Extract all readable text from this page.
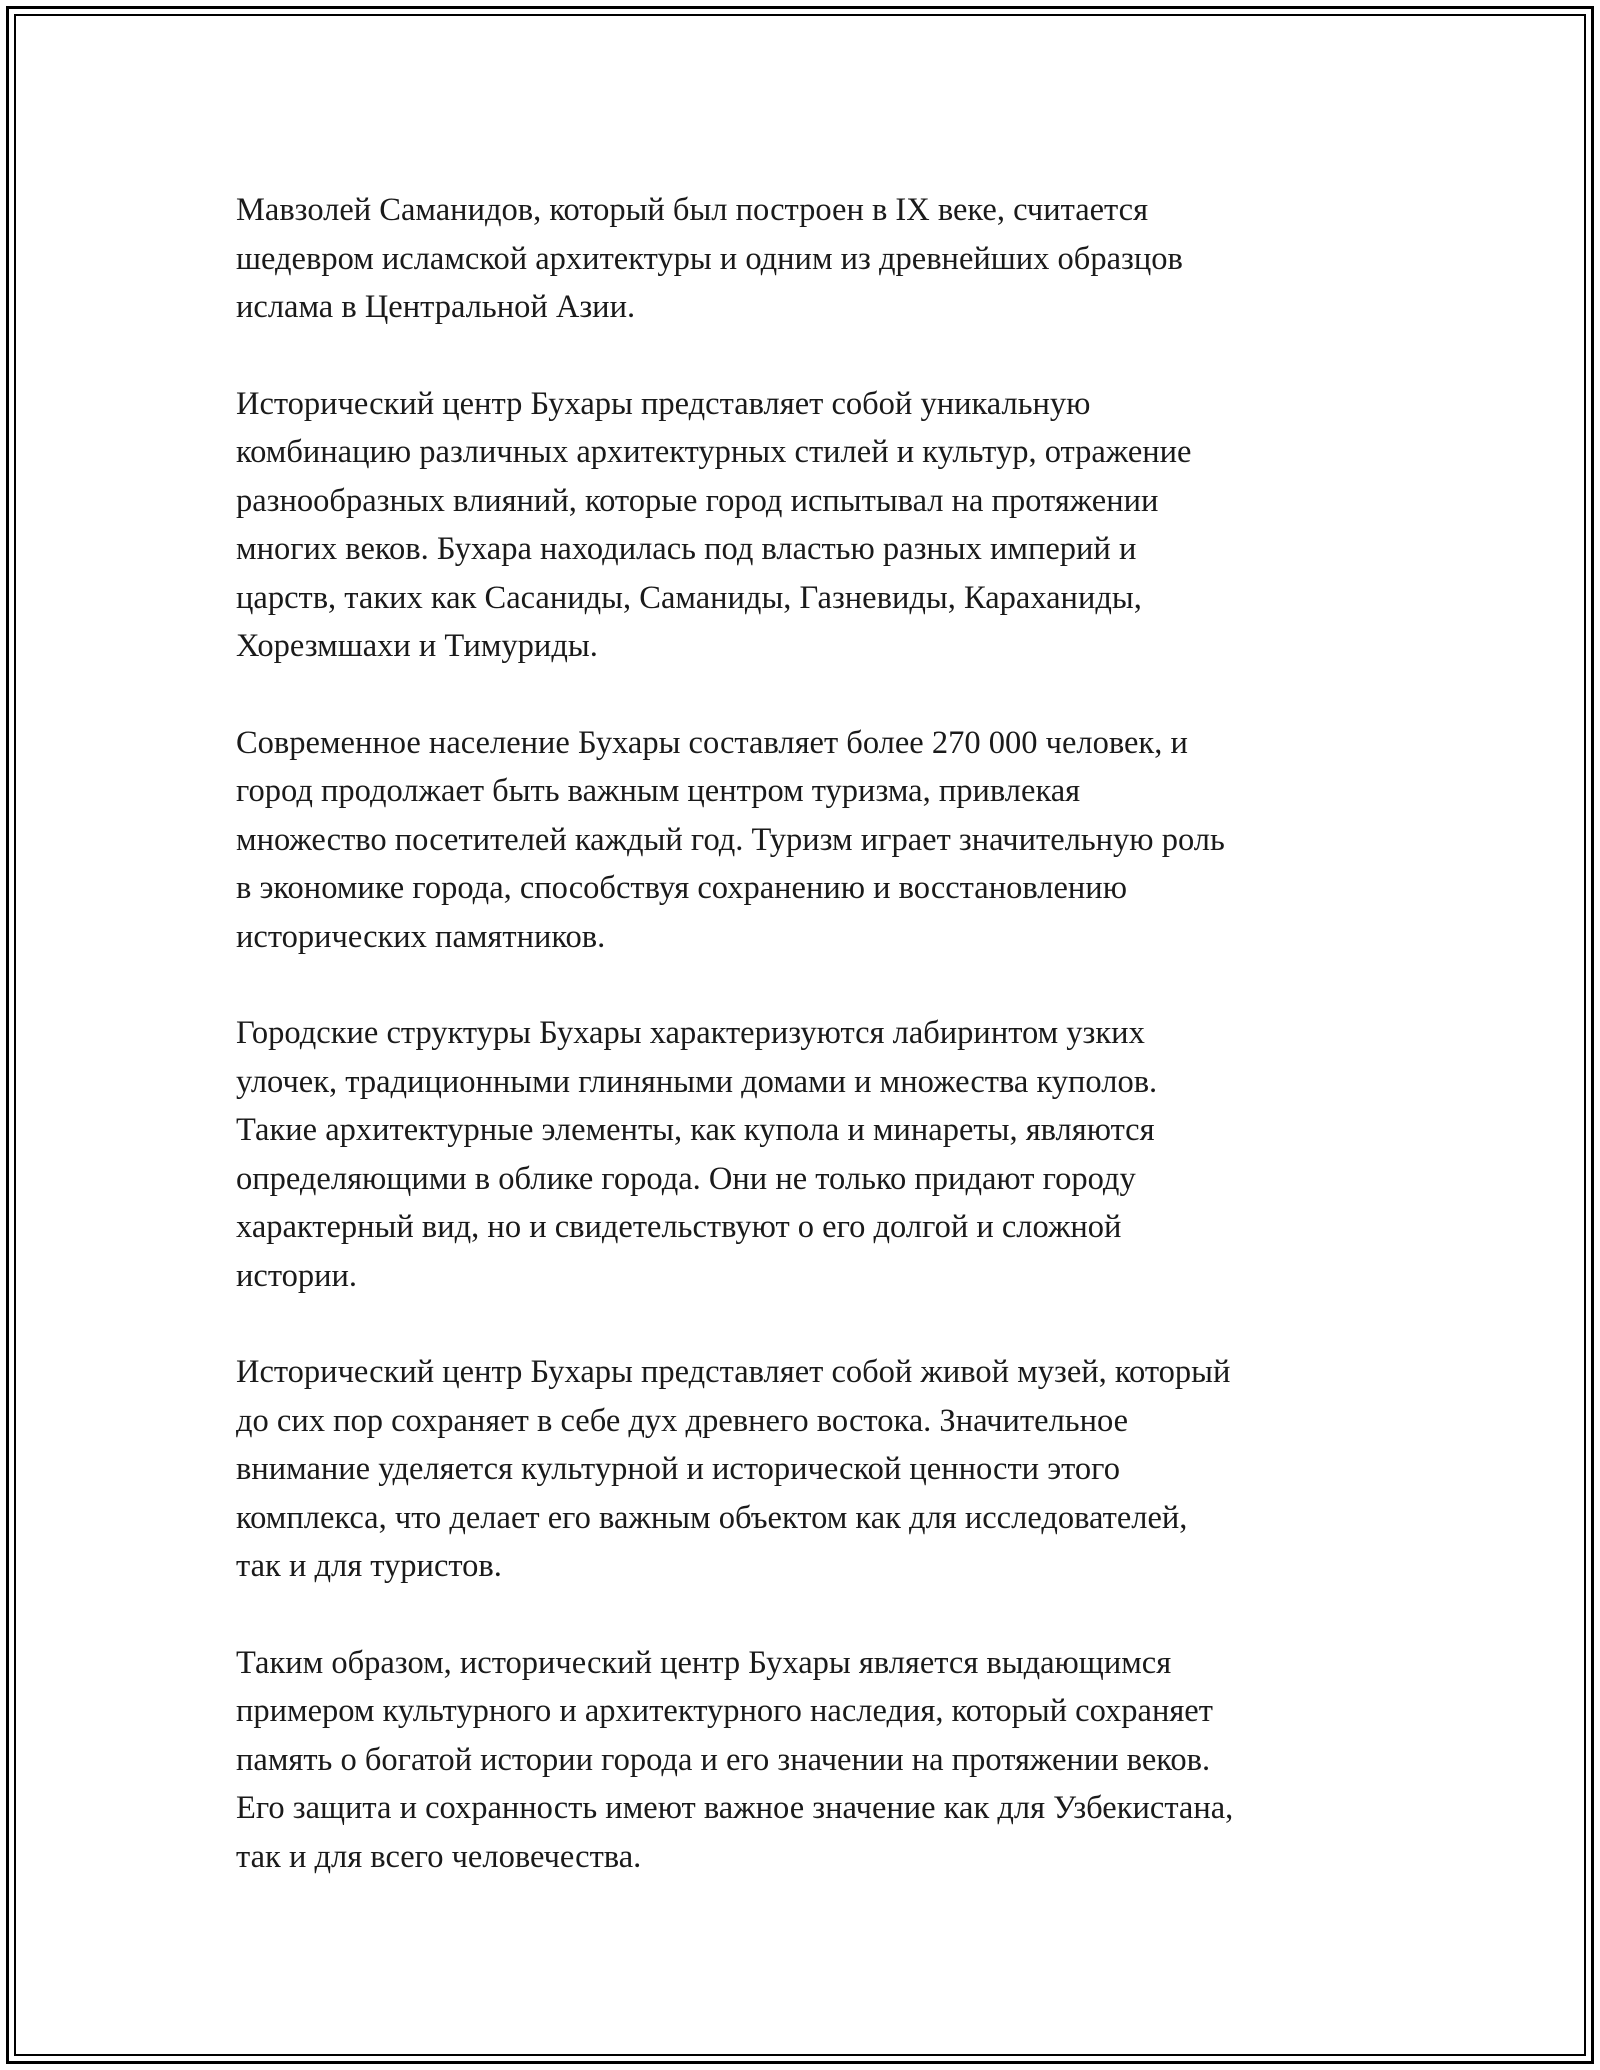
Мавзолей Саманидов, который был построен в IX веке, считается
шедевром исламской архитектуры и одним из древнейших образцов
ислама в Центральной Азии.

Исторический центр Бухары представляет собой уникальную
комбинацию различных архитектурных стилей и культур, отражение
разнообразных влияний, которые город испытывал на протяжении
многих веков. Бухара находилась под властью разных империй и
царств, таких как Сасаниды, Саманиды, Газневиды, Караханиды,
Хорезмшахи и Тимуриды.

Современное население Бухары составляет более 270 000 человек, и
город продолжает быть важным центром туризма, привлекая
множество посетителей каждый год. Туризм играет значительную роль
в экономике города, способствуя сохранению и восстановлению
исторических памятников.

Городские структуры Бухары характеризуются лабиринтом узких
улочек, традиционными глиняными домами и множества куполов.
Такие архитектурные элементы, как купола и минареты, являются
определяющими в облике города. Они не только придают городу
характерный вид, но и свидетельствуют о его долгой и сложной
истории.

Исторический центр Бухары представляет собой живой музей, который
до сих пор сохраняет в себе дух древнего востока. Значительное
внимание уделяется культурной и исторической ценности этого
комплекса, что делает его важным объектом как для исследователей,
так и для туристов.

Таким образом, исторический центр Бухары является выдающимся
примером культурного и архитектурного наследия, который сохраняет
память о богатой истории города и его значении на протяжении веков.
Его защита и сохранность имеют важное значение как для Узбекистана,
так и для всего человечества.
